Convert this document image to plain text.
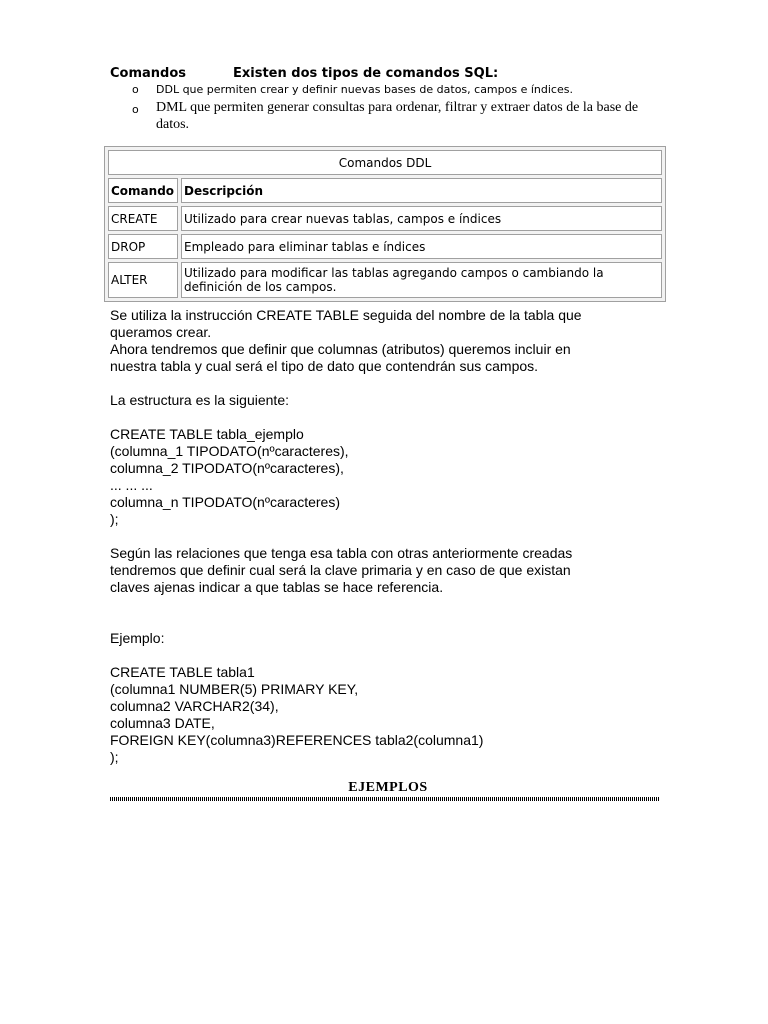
Comandos	Existen dos tipos de comandos SQL:
o DDL que permiten crear y definir nuevas bases de datos, campos e índices.
o DML que permiten generar consultas para ordenar, filtrar y extraer datos de la base de datos.
Comandos DDL	
Comando	Descripción
CREATE	Utilizado para crear nuevas tablas, campos e índices
DROP	Empleado para eliminar tablas e índices
ALTER	Utilizado para modificar las tablas agregando campos o cambiando la definición de los campos.

Se utiliza la instrucción CREATE TABLE seguida del nombre de la tabla que

queramos crear.

Ahora tendremos que definir que columnas (atributos) queremos incluir en

nuestra tabla y cual será el tipo de dato que contendrán sus campos.

La estructura es la siguiente:

CREATE TABLE tabla_ejemplo

(columna_1 TIPODATO(nºcaracteres),

columna_2 TIPODATO(nºcaracteres),

... ... ...

columna_n TIPODATO(nºcaracteres)

);

Según las relaciones que tenga esa tabla con otras anteriormente creadas

tendremos que definir cual será la clave primaria y en caso de que existan

claves ajenas indicar a que tablas se hace referencia.

Ejemplo:

CREATE TABLE tabla1

(columna1 NUMBER(5) PRIMARY KEY,

columna2 VARCHAR2(34),

columna3 DATE,

FOREIGN KEY(columna3)REFERENCES tabla2(columna1)

);

EJEMPLOS
